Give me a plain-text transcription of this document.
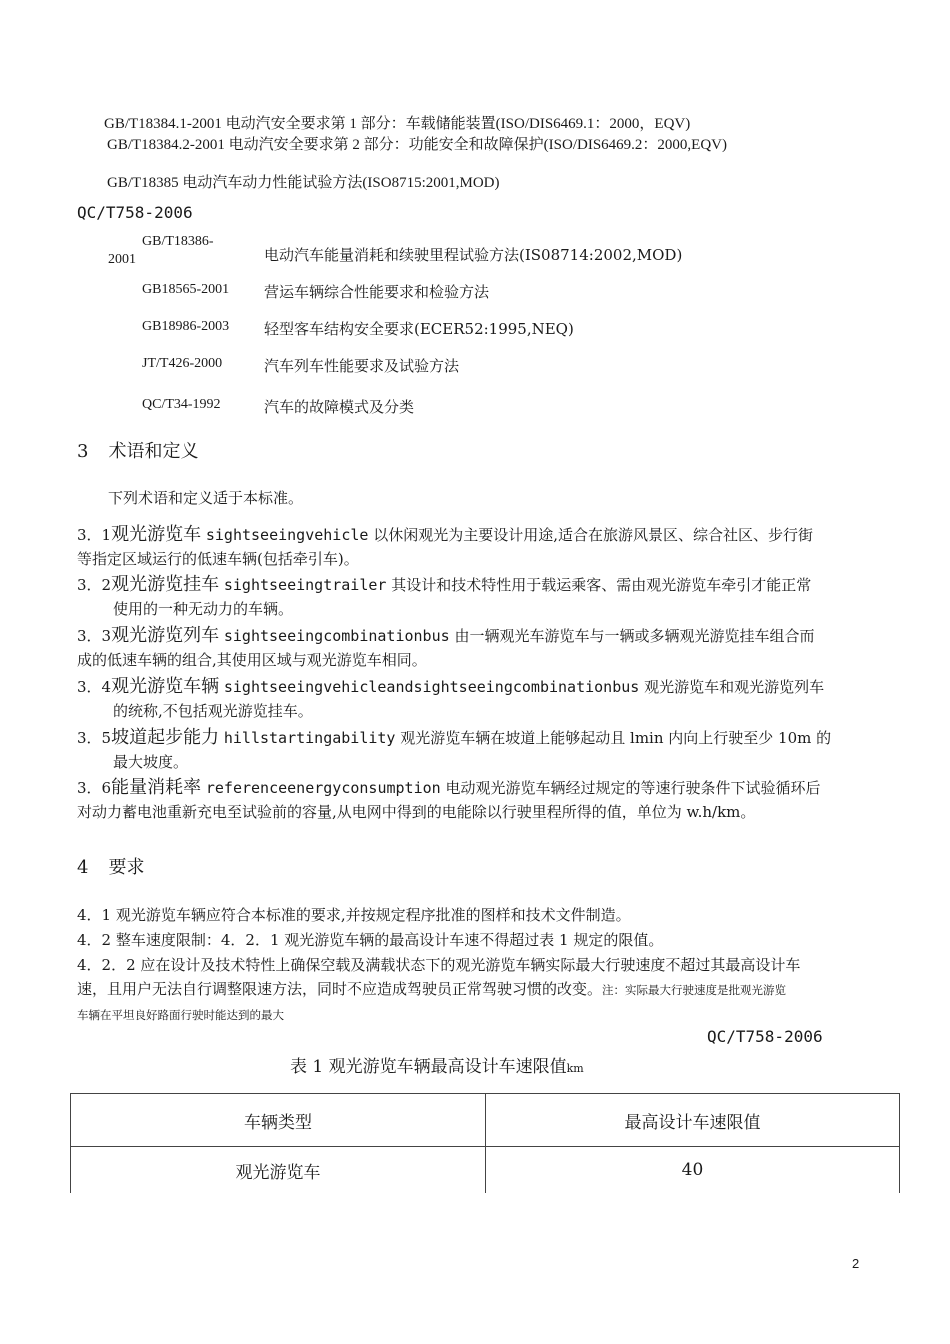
GB/T18384.1-2001 电动汽安全要求第 1 部分：车载储能装置(ISO/DIS6469.1：2000，EQV)
GB/T18384.2-2001 电动汽安全要求第 2 部分：功能安全和故障保护(ISO/DIS6469.2：2000,EQV)
GB/T18385 电动汽车动力性能试验方法(ISO8715:2001,MOD)
QC/T758-2006
GB/T18386-
2001	电动汽车能量消耗和续驶里程试验方法(IS08714:2002,MOD)
GB18565-2001 营运车辆综合性能要求和检验方法
GB18986-2003 轻型客车结构安全要求(ECER52:1995,NEQ)
JT/T426-2000	汽车列车性能要求及试验方法
QC/T34-1992	汽车的故障模式及分类
3 术语和定义
下列术语和定义适于本标准。
3．1观光游览车 sightseeingvehicle 以休闲观光为主要设计用途,适合在旅游风景区、综合社区、步行街
等指定区域运行的低速车辆(包括牵引车)。
3．2观光游览挂车 sightseeingtrailer 其设计和技术特性用于载运乘客、需由观光游览车牵引才能正常
使用的一种无动力的车辆。
3．3观光游览列车 sightseeingcombinationbus 由一辆观光车游览车与一辆或多辆观光游览挂车组合而
成的低速车辆的组合,其使用区域与观光游览车相同。
3．4观光游览车辆 sightseeingvehicleandsightseeingcombinationbus 观光游览车和观光游览列车
的统称,不包括观光游览挂车。
3．5坡道起步能力 hillstartingability 观光游览车辆在坡道上能够起动且 lmin 内向上行驶至少 10m 的
最大坡度。
3．6能量消耗率 referenceenergyconsumption 电动观光游览车辆经过规定的等速行驶条件下试验循环后
对动力蓄电池重新充电至试验前的容量,从电网中得到的电能除以行驶里程所得的值，单位为 w.h/km。
4 要求
4．1 观光游览车辆应符合本标准的要求,并按规定程序批准的图样和技术文件制造。
4．2 整车速度限制：4．2．1 观光游览车辆的最高设计车速不得超过表 1 规定的限值。
4．2．2 应在设计及技术特性上确保空载及满载状态下的观光游览车辆实际最大行驶速度不超过其最高设计车
速，且用户无法自行调整限速方法，同时不应造成驾驶员正常驾驶习惯的改变。注：实际最大行驶速度是批观光游览
车辆在平坦良好路面行驶时能达到的最大
QC/T758-2006
表 1 观光游览车辆最高设计车速限值km
车辆类型	最高设计车速限值
观光游览车	40
2
